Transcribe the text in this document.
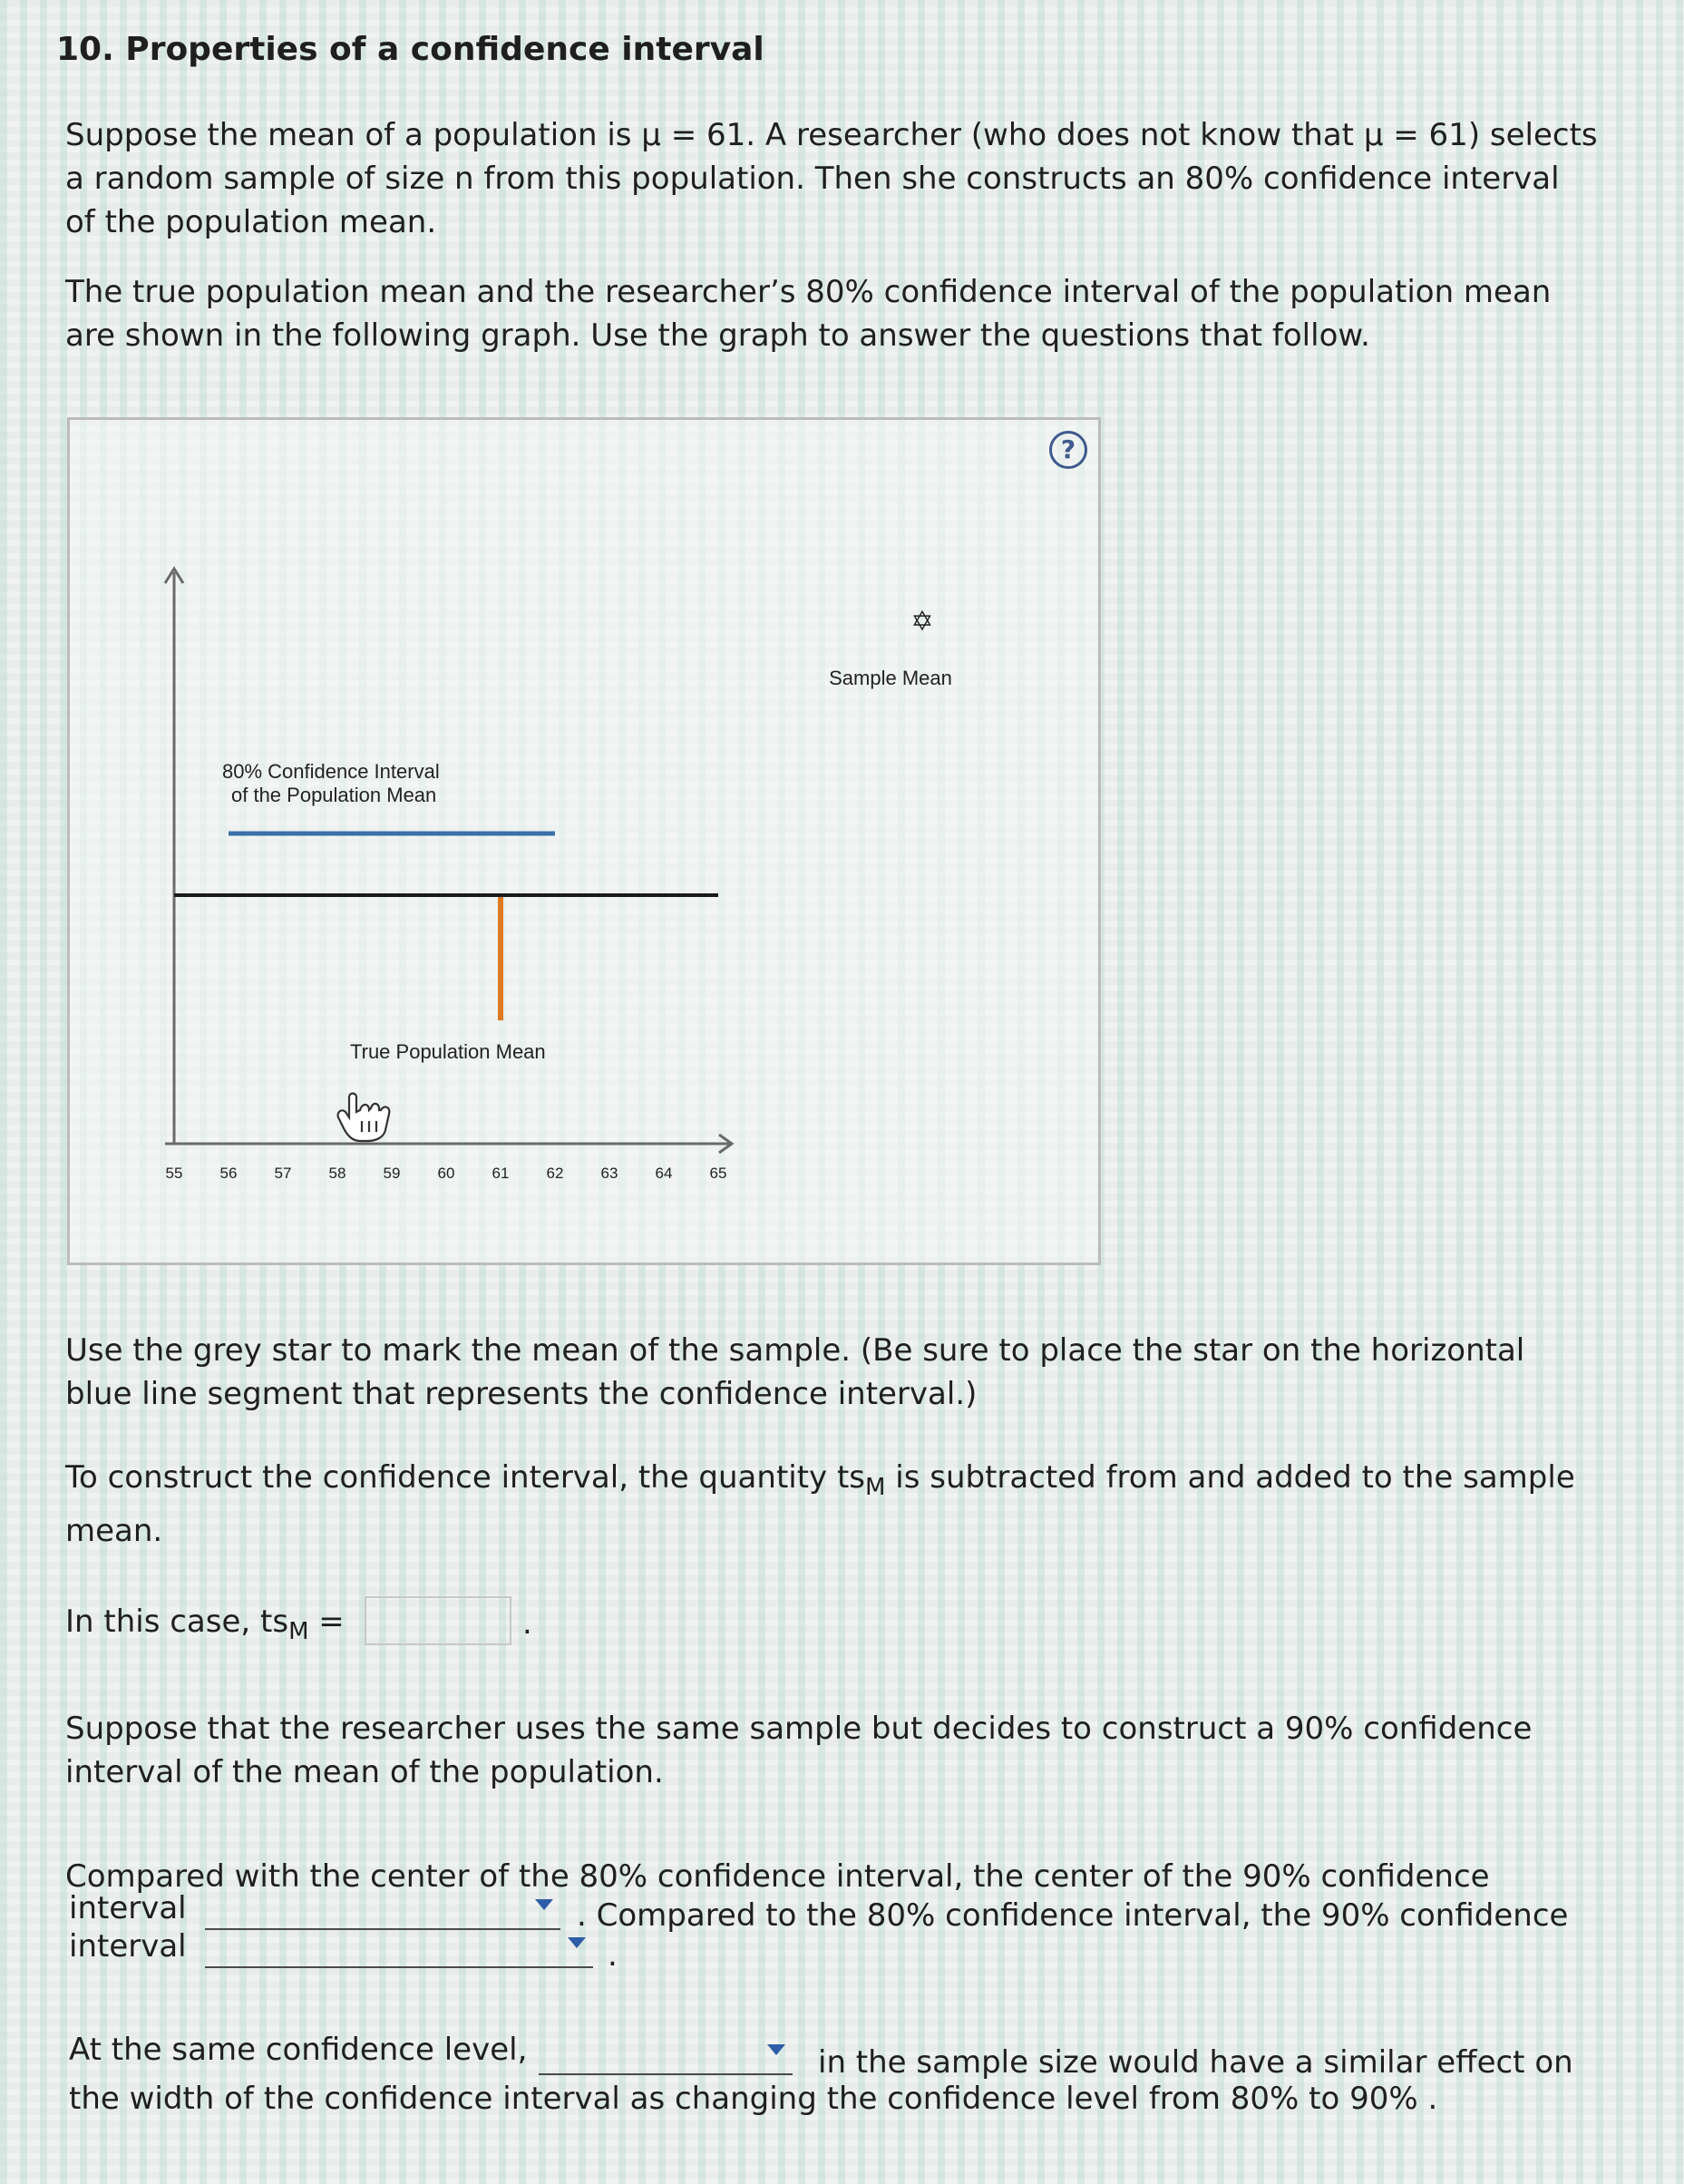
10. Properties of a confidence interval

Suppose the mean of a population is μ = 61. A researcher (who does not know that μ = 61) selects a random sample of size n from this population. Then she constructs an 80% confidence interval of the population mean.

The true population mean and the researcher’s 80% confidence interval of the population mean are shown in the following graph. Use the graph to answer the questions that follow.

?
55 56 57 58 59 60 61 62 63 64 65
80% Confidence Interval
of the Population Mean
True Population Mean
✡
Sample Mean

Use the grey star to mark the mean of the sample. (Be sure to place the star on the horizontal blue line segment that represents the confidence interval.)

To construct the confidence interval, the quantity $ts_M$ is subtracted from and added to the sample mean.

In this case, $ts_M$ =	.

Suppose that the researcher uses the same sample but decides to construct a 90% confidence interval of the mean of the population.

Compared with the center of the 80% confidence interval, the center of the 90% confidence

interval	. Compared to the 80% confidence interval, the 90% confidence
interval	.
At the same confidence level,	in the sample size would have a similar effect on
the width of the confidence interval as changing the confidence level from 80% to 90% .
